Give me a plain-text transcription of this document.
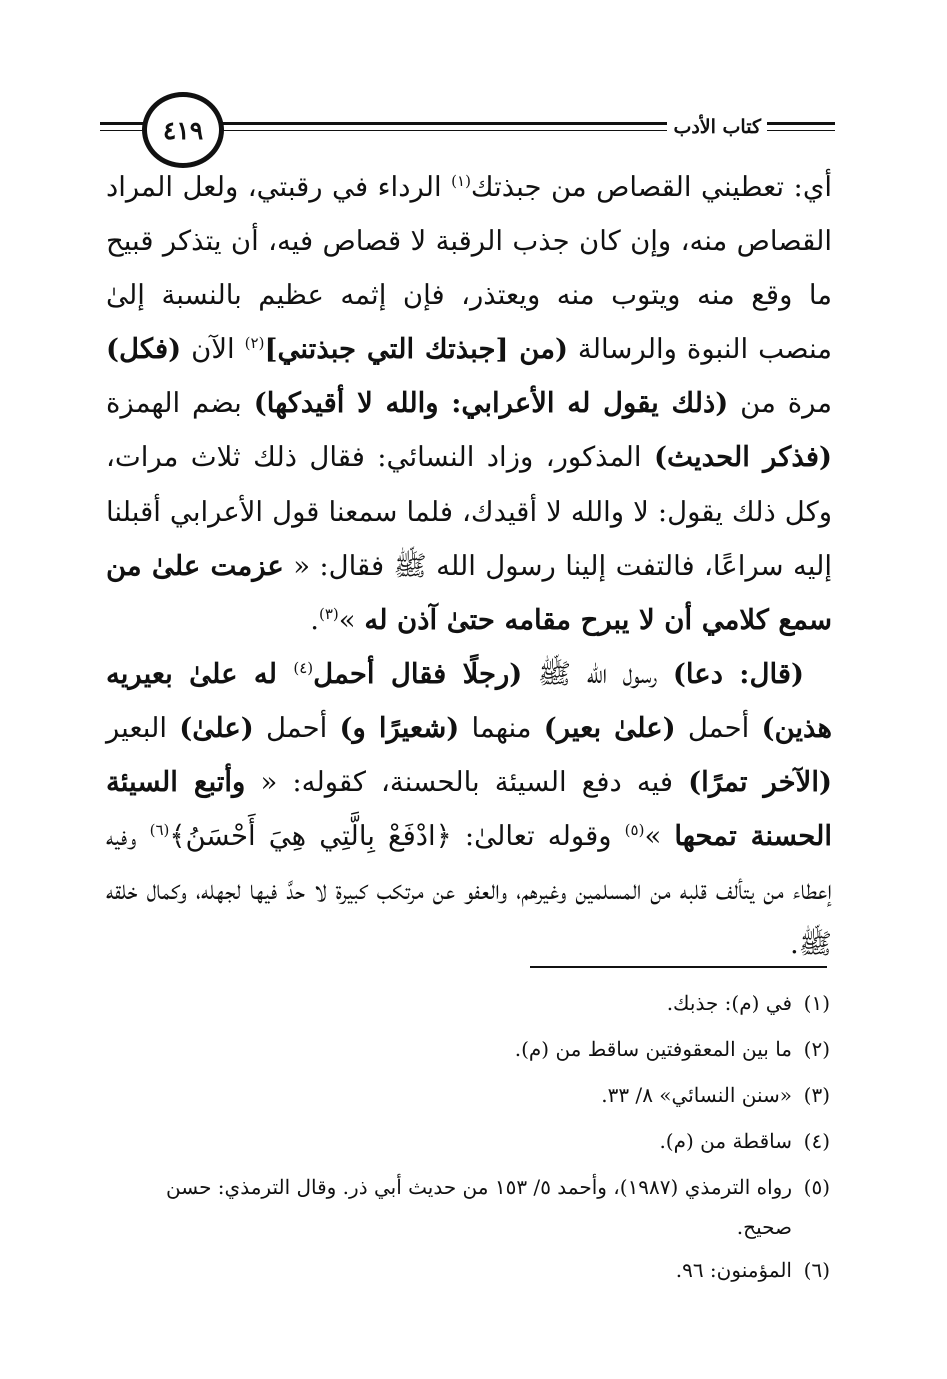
٤١٩	كتاب الأدب

أي: تعطيني القصاص من جبذتك$^{(١)}$ الرداء في رقبتي، ولعل المراد القصاص منه، وإن كان جذب الرقبة لا قصاص فيه، أن يتذكر قبيح ما وقع منه ويتوب منه ويعتذر، فإن إثمه عظيم بالنسبة إلىٰ منصب النبوة والرسالة (من [جبذتك التي جبذتني]$^{(٢)}$ الآن (فكل) مرة من (ذلك يقول له الأعرابي: والله لا أقيدكها) بضم الهمزة (فذكر الحديث) المذكور، وزاد النسائي: فقال ذلك ثلاث مرات، وكل ذلك يقول: لا والله لا أقيدك، فلما سمعنا قول الأعرابي أقبلنا إليه سراعًا، فالتفت إلينا رسول الله ﷺ فقال: « عزمت علىٰ من سمع كلامي أن لا يبرح مقامه حتىٰ آذن له »$^{(٣)}$.

(قال: دعا) رسول الله ﷺ (رجلًا فقال أحمل$^{(٤)}$ له علىٰ بعيريه هذين) أحمل (علىٰ بعير) منهما (شعيرًا و) أحمل (علىٰ) البعير (الآخر تمرًا) فيه دفع السيئة بالحسنة، كقوله: « وأتبع السيئة الحسنة تمحها »$^{(٥)}$ وقوله تعالىٰ: ﴿ادْفَعْ بِالَّتِي هِيَ أَحْسَنُ﴾$^{(٦)}$ وفيه إعطاء من يتألف قلبه من المسلمين وغيرهم، والعفو عن مرتكب كبيرة لا حدَّ فيها لجهله، وكمال خلقه ﷺ.

(١)
في (م): جذبك.
(٢)
ما بين المعقوفتين ساقط من (م).
(٣)
«سنن النسائي» ٨/ ٣٣.
(٤)
ساقطة من (م).
(٥)
رواه الترمذي (١٩٨٧)، وأحمد ٥/ ١٥٣ من حديث أبي ذر. وقال الترمذي: حسن صحيح.
(٦)
المؤمنون: ٩٦.
